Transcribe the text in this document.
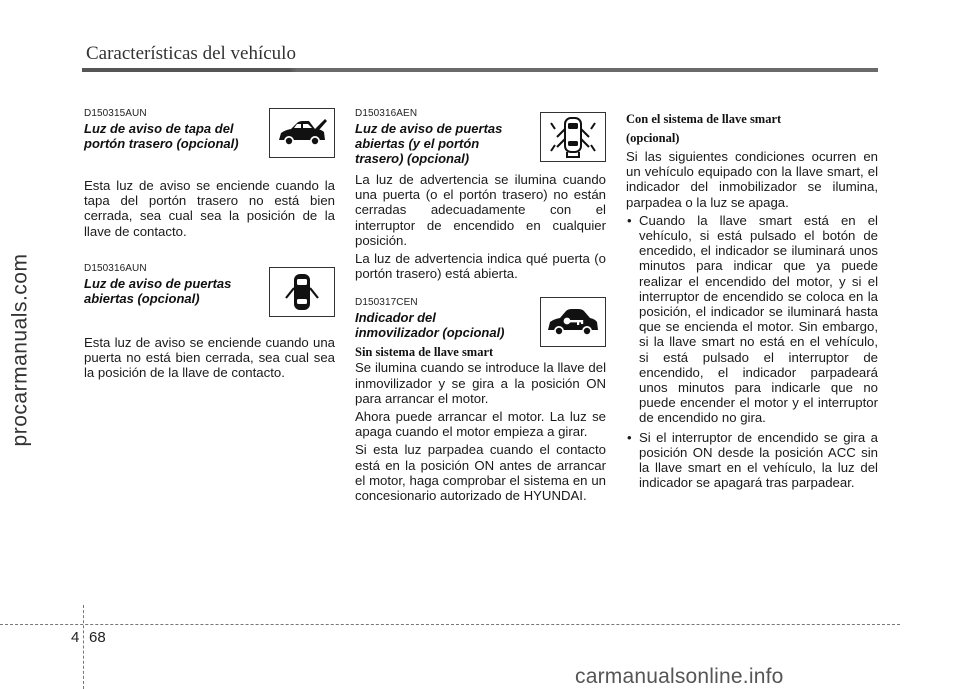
Características del vehículo
procarmanuals.com

D150315AUN

Luz de aviso de tapa del portón trasero (opcional)

Esta luz de aviso se enciende cuando la tapa del portón trasero no está bien cerrada, sea cual sea la posición de la llave de contacto.

D150316AUN

Luz de aviso de puertas abiertas (opcional)

Esta luz de aviso se enciende cuando una puerta no está bien cerrada, sea cual sea la posición de la llave de contacto.

D150316AEN

Luz de aviso de puertas abiertas (y el portón trasero) (opcional)

La luz de advertencia se ilumina cuando una puerta (o el portón trasero) no están cerradas adecuadamente con el interruptor de encendido en cualquier posición.

La luz de advertencia indica qué puerta (o portón trasero) está abierta.

D150317CEN

Indicador del inmovilizador (opcional)

Sin sistema de llave smart

Se ilumina cuando se introduce la llave del inmovilizador y se gira a la posición ON para arrancar el motor.

Ahora puede arrancar el motor. La luz se apaga cuando el motor empieza a girar.

Si esta luz parpadea cuando el contacto está en la posición ON antes de arrancar el motor, haga comprobar el sistema en un concesionario autorizado de HYUNDAI.

Con el sistema de llave smart

(opcional)

Si las siguientes condiciones ocurren en un vehículo equipado con la llave smart, el indicador del inmobilizador se ilumina, parpadea o la luz se apaga.

• Cuando la llave smart está en el vehículo, si está pulsado el botón de encedido, el indicador se iluminará unos minutos para indicar que ya puede realizar el encendido del motor, y si el interruptor de encendido se coloca en la posición, el indicador se iluminará hasta que se encienda el motor. Sin embargo, si la llave smart no está en el vehículo, si está pulsado el interruptor de encendido, el indicador parpadeará unos minutos para indicarle que no puede encender el motor y el interruptor de encendido no gira.
• Si el interruptor de encendido se gira a posición ON desde la posición ACC sin la llave smart en el vehículo, la luz del indicador se apagará tras parpadear.
4 68
carmanualsonline.info
